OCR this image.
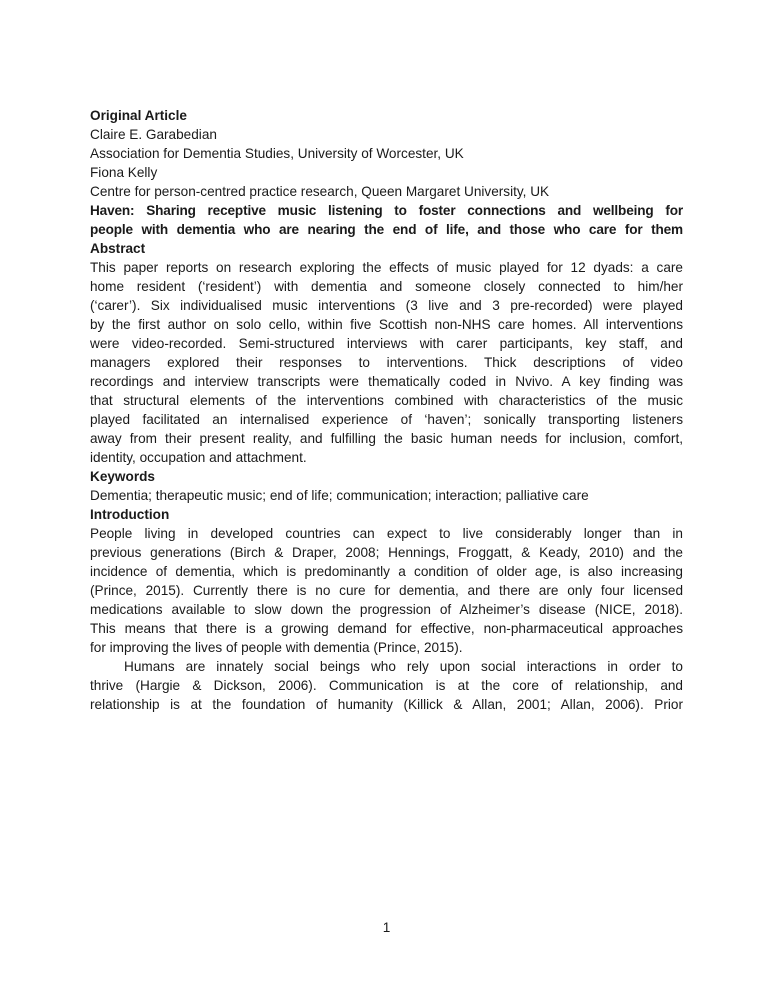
Original Article
Claire E. Garabedian
Association for Dementia Studies, University of Worcester, UK
Fiona Kelly
Centre for person-centred practice research, Queen Margaret University, UK
Haven: Sharing receptive music listening to foster connections and wellbeing for
people with dementia who are nearing the end of life, and those who care for them
Abstract
This paper reports on research exploring the effects of music played for 12 dyads: a care
home resident (‘resident’) with dementia and someone closely connected to him/her
(‘carer’). Six individualised music interventions (3 live and 3 pre-recorded) were played
by the first author on solo cello, within five Scottish non-NHS care homes. All interventions
were video-recorded. Semi-structured interviews with carer participants, key staff, and
managers explored their responses to interventions. Thick descriptions of video
recordings and interview transcripts were thematically coded in Nvivo. A key finding was
that structural elements of the interventions combined with characteristics of the music
played facilitated an internalised experience of ‘haven’; sonically transporting listeners
away from their present reality, and fulfilling the basic human needs for inclusion, comfort,
identity, occupation and attachment.
Keywords
Dementia; therapeutic music; end of life; communication; interaction; palliative care
Introduction
People living in developed countries can expect to live considerably longer than in
previous generations (Birch & Draper, 2008; Hennings, Froggatt, & Keady, 2010) and the
incidence of dementia, which is predominantly a condition of older age, is also increasing
(Prince, 2015). Currently there is no cure for dementia, and there are only four licensed
medications available to slow down the progression of Alzheimer’s disease (NICE, 2018).
This means that there is a growing demand for effective, non-pharmaceutical approaches
for improving the lives of people with dementia (Prince, 2015).
Humans are innately social beings who rely upon social interactions in order to
thrive (Hargie & Dickson, 2006). Communication is at the core of relationship, and
relationship is at the foundation of humanity (Killick & Allan, 2001; Allan, 2006). Prior
1
